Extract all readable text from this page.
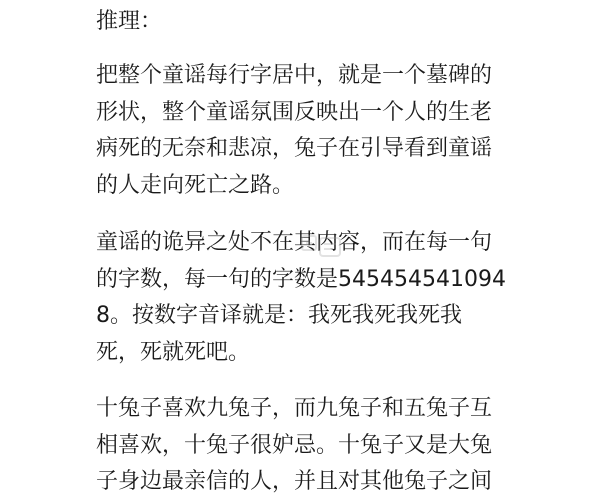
推理：
把整个童谣每行字居中，就是一个墓碑的
形状，整个童谣氛围反映出一个人的生老
病死的无奈和悲凉，兔子在引导看到童谣
的人走向死亡之路。
童谣的诡异之处不在其内容，而在每一句
的字数，每一句的字数是545454541094
8。按数字音译就是：我死我死我死我
死，死就死吧。
十兔子喜欢九兔子，而九兔子和五兔子互
相喜欢，十兔子很妒忌。十兔子又是大兔
子身边最亲信的人，并且对其他兔子之间
